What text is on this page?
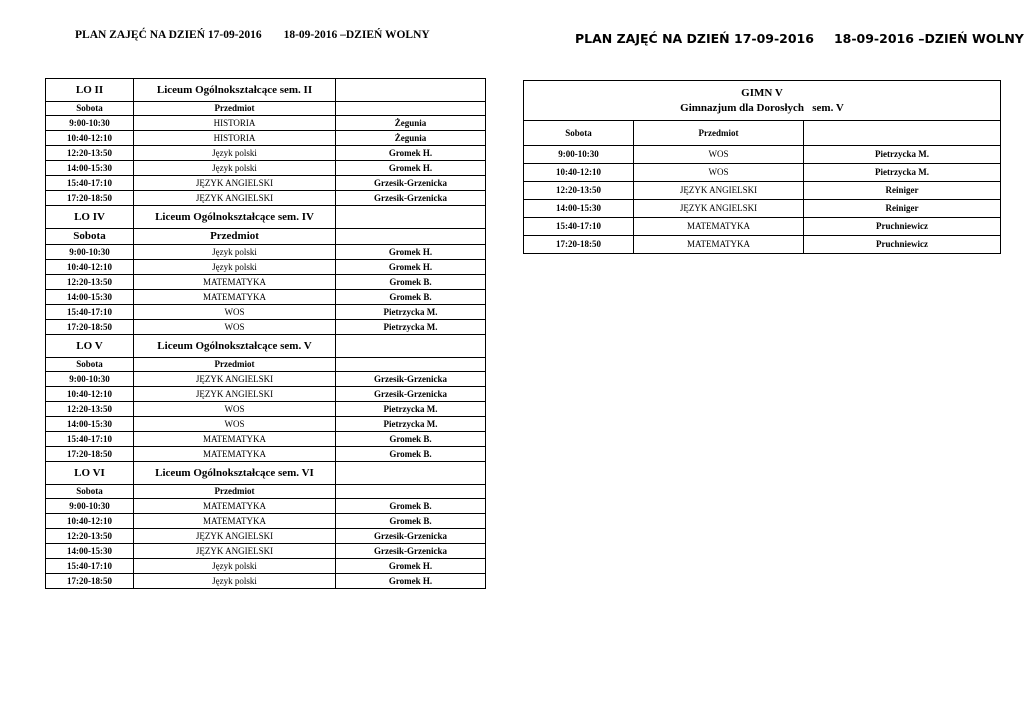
PLAN ZAJĘĆ NA DZIEŃ 17-09-2016 18-09-2016 –DZIEŃ WOLNY	PLAN ZAJĘĆ NA DZIEŃ 17-09-2016 18-09-2016 –DZIEŃ WOLNY
LO II	Liceum Ogólnokształcące sem. II	
Sobota	Przedmiot	
9:00-10:30	HISTORIA	Żegunia
10:40-12:10	HISTORIA	Żegunia
12:20-13:50	Język polski	Gromek H.
14:00-15:30	Język polski	Gromek H.
15:40-17:10	JĘZYK ANGIELSKI	Grzesik-Grzenicka
17:20-18:50	JĘZYK ANGIELSKI	Grzesik-Grzenicka
LO IV	Liceum Ogólnokształcące sem. IV	
Sobota	Przedmiot	
9:00-10:30	Język polski	Gromek H.
10:40-12:10	Język polski	Gromek H.
12:20-13:50	MATEMATYKA	Gromek B.
14:00-15:30	MATEMATYKA	Gromek B.
15:40-17:10	WOS	Pietrzycka M.
17:20-18:50	WOS	Pietrzycka M.
LO V	Liceum Ogólnokształcące sem. V	
Sobota	Przedmiot	
9:00-10:30	JĘZYK ANGIELSKI	Grzesik-Grzenicka
10:40-12:10	JĘZYK ANGIELSKI	Grzesik-Grzenicka
12:20-13:50	WOS	Pietrzycka M.
14:00-15:30	WOS	Pietrzycka M.
15:40-17:10	MATEMATYKA	Gromek B.
17:20-18:50	MATEMATYKA	Gromek B.
LO VI	Liceum Ogólnokształcące sem. VI	
Sobota	Przedmiot	
9:00-10:30	MATEMATYKA	Gromek B.
10:40-12:10	MATEMATYKA	Gromek B.
12:20-13:50	JĘZYK ANGIELSKI	Grzesik-Grzenicka
14:00-15:30	JĘZYK ANGIELSKI	Grzesik-Grzenicka
15:40-17:10	Język polski	Gromek H.
17:20-18:50	Język polski	Gromek H.
GIMN V
Gimnazjum dla Dorosłych   sem. V		

Sobota	Przedmiot	
9:00-10:30	WOS	Pietrzycka M.
10:40-12:10	WOS	Pietrzycka M.
12:20-13:50	JĘZYK ANGIELSKI	Reiniger
14:00-15:30	JĘZYK ANGIELSKI	Reiniger
15:40-17:10	MATEMATYKA	Pruchniewicz
17:20-18:50	MATEMATYKA	Pruchniewicz
